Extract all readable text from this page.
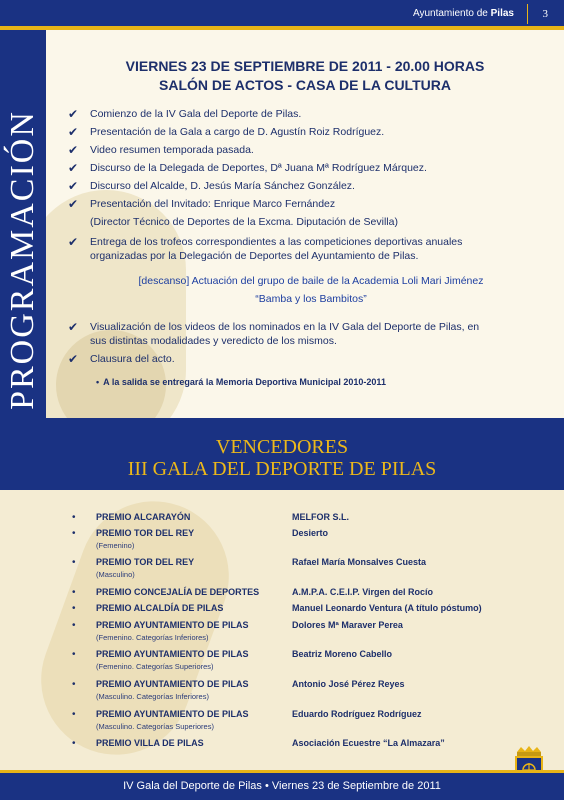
Ayuntamiento de Pilas	3
PROGRAMACIÓN
VIERNES 23 DE SEPTIEMBRE DE 2011 - 20.00 HORAS
SALÓN DE ACTOS - CASA DE LA CULTURA
✔ Comienzo de la IV Gala del Deporte de Pilas.
✔ Presentación de la Gala a cargo de D. Agustín Roiz Rodríguez.
✔ Video resumen temporada pasada.
✔ Discurso de la Delegada de Deportes, Dª Juana Mª Rodríguez Márquez.
✔ Discurso del Alcalde, D. Jesús María Sánchez González.
✔ Presentación del Invitado: Enrique Marco Fernández
(Director Técnico de Deportes de la Excma. Diputación de Sevilla)
✔ Entrega de los trofeos correspondientes a las competiciones deportivas anuales
organizadas por la Delegación de Deportes del Ayuntamiento de Pilas.
[descanso] Actuación del grupo de baile de la Academia Loli Mari Jiménez
“Bamba y los Bambitos”
✔ Visualización de los videos de los nominados en la IV Gala del Deporte de Pilas, en
sus distintas modalidades y veredicto de los mismos.
✔ Clausura del acto.
• A la salida se entregará la Memoria Deportiva Municipal 2010-2011
VENCEDORES
III GALA DEL DEPORTE DE PILAS
• PREMIO ALCARAYÓN	MELFOR S.L.
• PREMIO TOR DEL REY
(Femenino)
Desierto
• PREMIO TOR DEL REY
(Masculino)
Rafael María Monsalves Cuesta
• PREMIO CONCEJALÍA DE DEPORTES	A.M.P.A. C.E.I.P. Virgen del Rocío
• PREMIO ALCALDÍA DE PILAS	Manuel Leonardo Ventura (A título póstumo)
• PREMIO AYUNTAMIENTO DE PILAS
(Femenino. Categorías Inferiores)
Dolores Mª Maraver Perea
• PREMIO AYUNTAMIENTO DE PILAS
(Femenino. Categorías Superiores)
Beatriz Moreno Cabello
• PREMIO AYUNTAMIENTO DE PILAS
(Masculino. Categorías Inferiores)
Antonio José Pérez Reyes
• PREMIO AYUNTAMIENTO DE PILAS
(Masculino. Categorías Superiores)
Eduardo Rodríguez Rodríguez
• PREMIO VILLA DE PILAS	Asociación Ecuestre “La Almazara”
IV Gala del Deporte de Pilas • Viernes 23 de Septiembre de 2011
